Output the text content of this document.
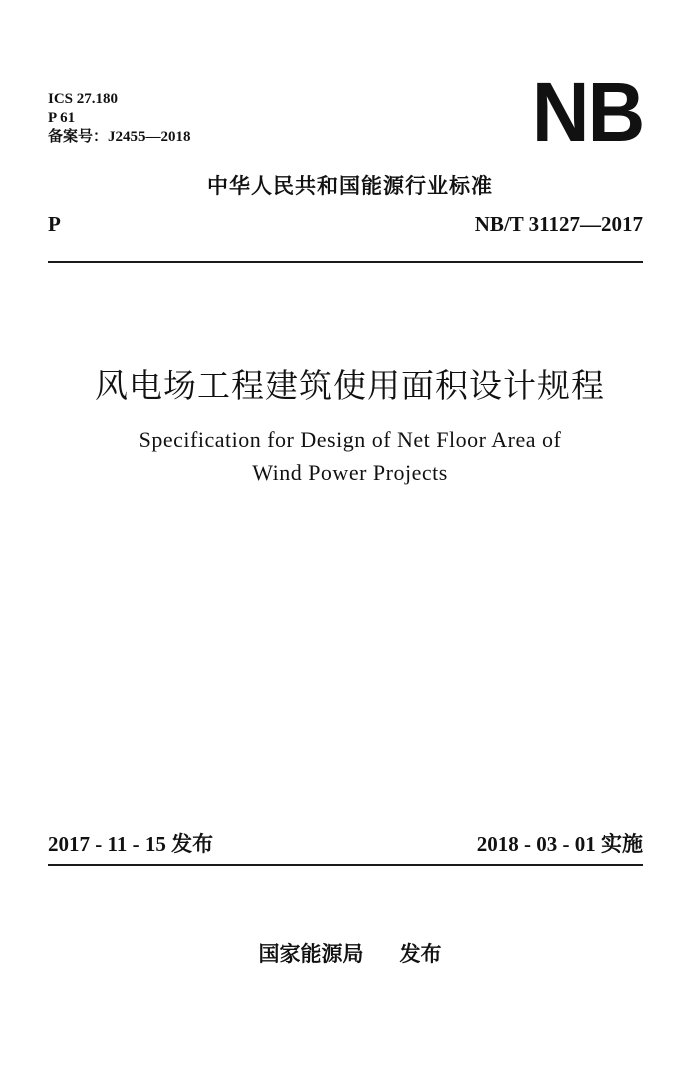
ICS 27.180
P 61
备案号：J2455—2018	NB
中华人民共和国能源行业标准
P	NB/T 31127—2017
风电场工程建筑使用面积设计规程
Specification for Design of Net Floor Area of
Wind Power Projects
2017 - 11 - 15 发布	2018 - 03 - 01 实施
国家能源局 发布
